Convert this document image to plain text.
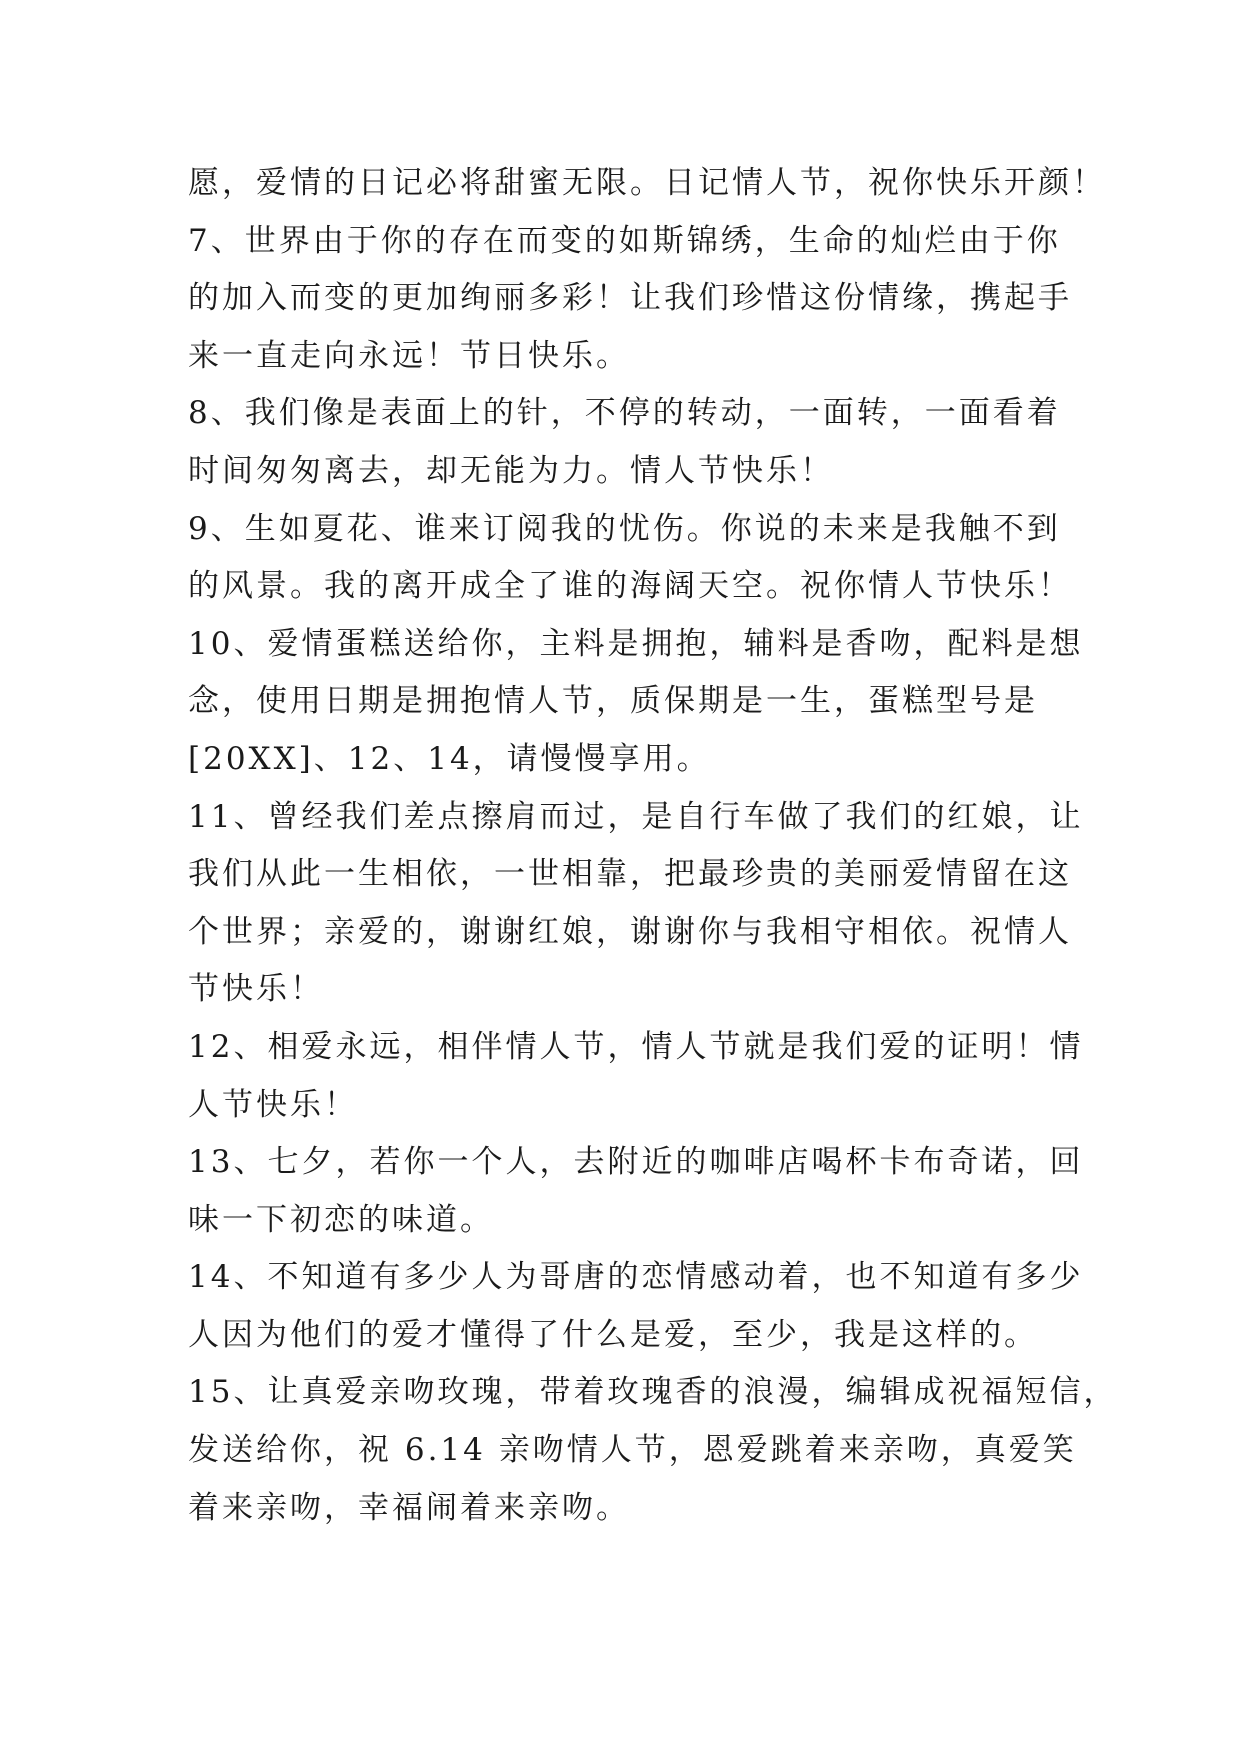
愿，爱情的日记必将甜蜜无限。日记情人节，祝你快乐开颜！
7、世界由于你的存在而变的如斯锦绣，生命的灿烂由于你
的加入而变的更加绚丽多彩！让我们珍惜这份情缘，携起手
来一直走向永远！节日快乐。
8、我们像是表面上的针，不停的转动，一面转，一面看着
时间匆匆离去，却无能为力。情人节快乐！
9、生如夏花、谁来订阅我的忧伤。你说的未来是我触不到
的风景。我的离开成全了谁的海阔天空。祝你情人节快乐！
10、爱情蛋糕送给你，主料是拥抱，辅料是香吻，配料是想
念，使用日期是拥抱情人节，质保期是一生，蛋糕型号是
[20XX]、12、14，请慢慢享用。
11、曾经我们差点擦肩而过，是自行车做了我们的红娘，让
我们从此一生相依，一世相靠，把最珍贵的美丽爱情留在这
个世界；亲爱的，谢谢红娘，谢谢你与我相守相依。祝情人
节快乐！
12、相爱永远，相伴情人节，情人节就是我们爱的证明！情
人节快乐！
13、七夕，若你一个人，去附近的咖啡店喝杯卡布奇诺，回
味一下初恋的味道。
14、不知道有多少人为哥唐的恋情感动着，也不知道有多少
人因为他们的爱才懂得了什么是爱，至少，我是这样的。
15、让真爱亲吻玫瑰，带着玫瑰香的浪漫，编辑成祝福短信，
发送给你，祝 6.14 亲吻情人节，恩爱跳着来亲吻，真爱笑
着来亲吻，幸福闹着来亲吻。
